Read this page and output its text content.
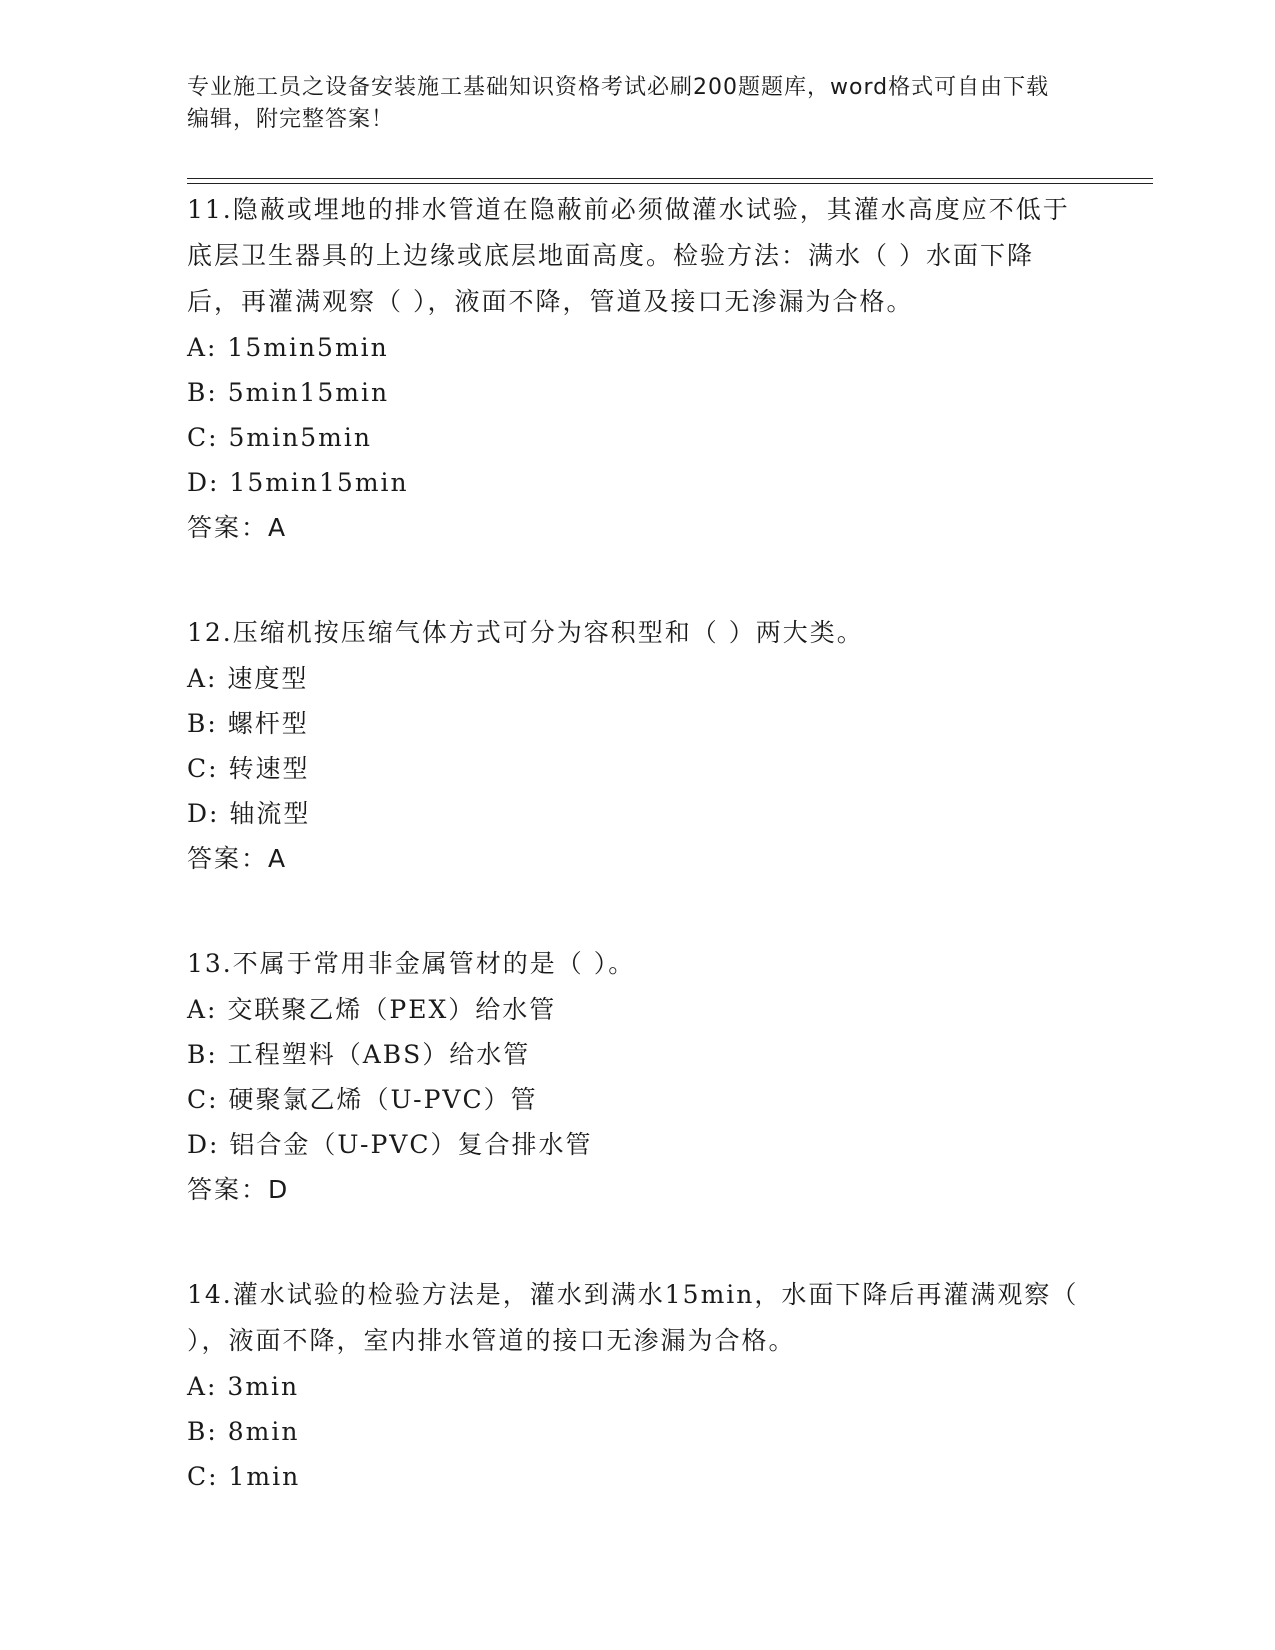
专业施工员之设备安装施工基础知识资格考试必刷200题题库，word格式可自由下载编辑，附完整答案！
11.隐蔽或埋地的排水管道在隐蔽前必须做灌水试验，其灌水高度应不低于底层卫生器具的上边缘或底层地面高度。检验方法：满水（ ）水面下降后，再灌满观察（ ），液面不降，管道及接口无渗漏为合格。
A: 15min5min
B: 5min15min
C: 5min5min
D: 15min15min
答案：A
12.压缩机按压缩气体方式可分为容积型和（ ）两大类。
A: 速度型
B: 螺杆型
C: 转速型
D: 轴流型
答案：A
13.不属于常用非金属管材的是（ ）。
A: 交联聚乙烯（PEX）给水管
B: 工程塑料（ABS）给水管
C: 硬聚氯乙烯（U-PVC）管
D: 铝合金（U-PVC）复合排水管
答案：D
14.灌水试验的检验方法是，灌水到满水15min，水面下降后再灌满观察（ ），液面不降，室内排水管道的接口无渗漏为合格。
A: 3min
B: 8min
C: 1min
